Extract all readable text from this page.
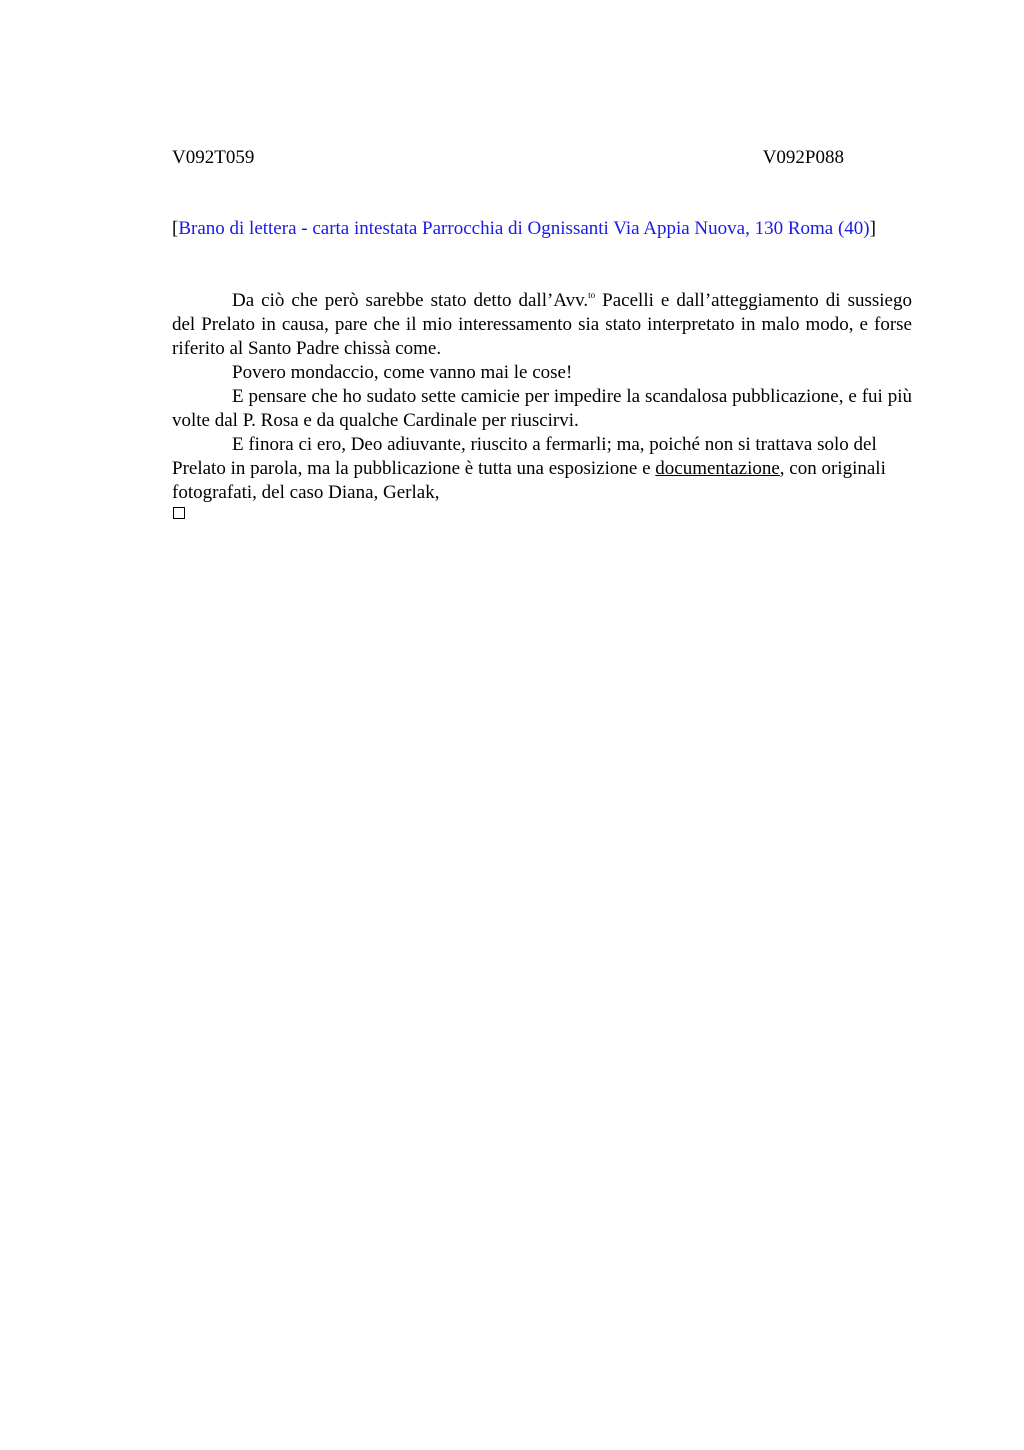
V092T059	V092P088

[Brano di lettera - carta intestata Parrocchia di Ognissanti Via Appia Nuova, 130 Roma (40)]

Da ciò che però sarebbe stato detto dall’Avv.$^{to}$ Pacelli e dall’atteggiamento di sussiego del Prelato in causa, pare che il mio interessamento sia stato interpretato in malo modo, e forse riferito al Santo Padre chissà come.

Povero mondaccio, come vanno mai le cose!

E pensare che ho sudato sette camicie per impedire la scandalosa pubblicazione, e fui più volte dal P. Rosa e da qualche Cardinale per riuscirvi.

E finora ci ero, Deo adiuvante, riuscito a fermarli; ma, poiché non si trattava solo del Prelato in parola, ma la pubblicazione è tutta una esposizione e documentazione, con originali fotografati, del caso Diana, Gerlak,
